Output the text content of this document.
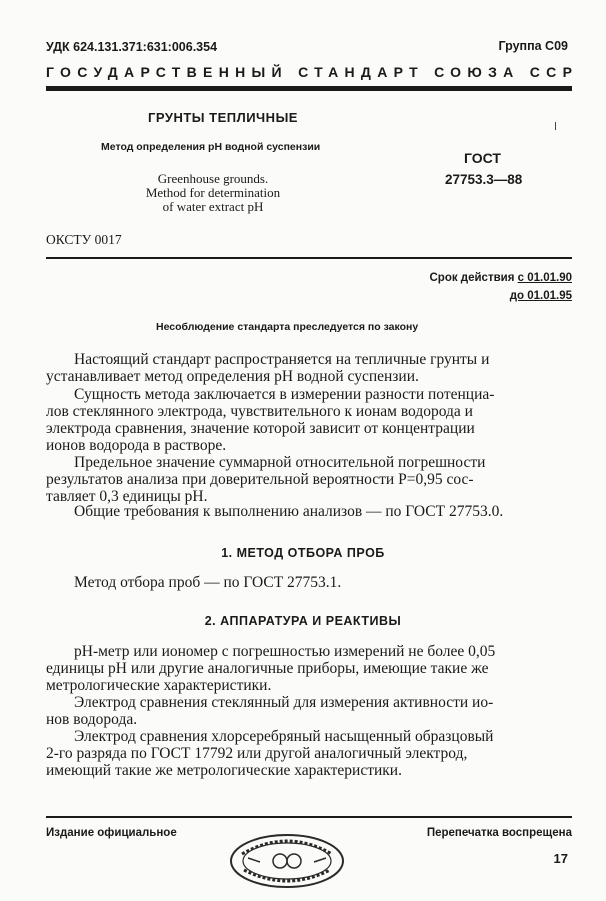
УДК 624.131.371:631:006.354	Группа С09
ГОСУДАРСТВЕННЫЙ СТАНДАРТ СОЮЗА ССР
ГРУНТЫ ТЕПЛИЧНЫЕ
Метод определения pH водной суспензии
Greenhouse grounds.
Method for determination
of water extract pH
ГОСТ
27753.3—88
ОКСТУ 0017
Срок действия с 01.01.90
до 01.01.95
Несоблюдение стандарта преследуется по закону

Настоящий стандарт распространяется на тепличные грунты и
устанавливает метод определения pH водной суспензии.

Сущность метода заключается в измерении разности потенциа-
лов стеклянного электрода, чувствительного к ионам водорода и
электрода сравнения, значение которой зависит от концентрации
ионов водорода в растворе.
Предельное значение суммарной относительной погрешности
результатов анализа при доверительной вероятности P=0,95 сос-
тавляет 0,3 единицы pH.
Общие требования к выполнению анализов — по ГОСТ 27753.0.
1. МЕТОД ОТБОРА ПРОБ
Метод отбора проб — по ГОСТ 27753.1.
2. АППАРАТУРА И РЕАКТИВЫ
pH-метр или иономер с погрешностью измерений не более 0,05
единицы pH или другие аналогичные приборы, имеющие такие же
метрологические характеристики.
Электрод сравнения стеклянный для измерения активности ио-
нов водорода.
Электрод сравнения хлорсеребряный насыщенный образцовый
2-го разряда по ГОСТ 17792 или другой аналогичный электрод,
имеющий такие же метрологические характеристики.
Издание официальное	Перепечатка воспрещена
17
